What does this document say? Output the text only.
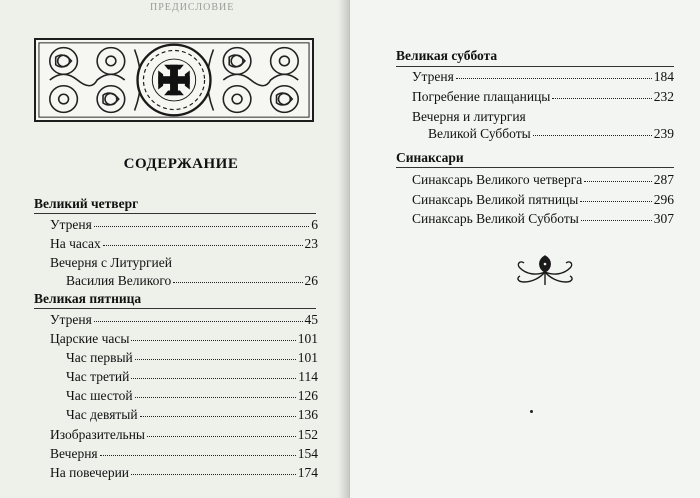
ПРЕДИСЛОВИЕ
СОДЕРЖАНИЕ
Великий четверг
Утреня	6
На часах	23
Вечерня с Литургией
Василия Великого	26
Великая пятница
Утреня	45
Царские часы	101
Час первый	101
Час третий	114
Час шестой	126
Час девятый	136
Изобразительны	152
Вечерня	154
На повечерии	174
Великая суббота
Утреня	184
Погребение плащаницы	232
Вечерня и литургия
Великой Субботы	239
Синаксари
Синаксарь Великого четверга	287
Синаксарь Великой пятницы	296
Синаксарь Великой Субботы	307
